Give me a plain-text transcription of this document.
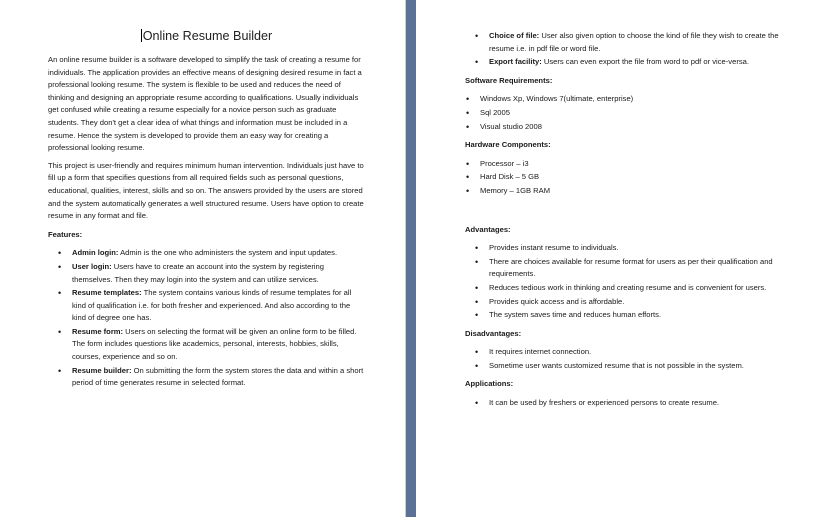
Online Resume Builder

An online resume builder is a software developed to simplify the task of creating a resume for individuals. The application provides an effective means of designing desired resume in fact a professional looking resume. The system is flexible to be used and reduces the need of thinking and designing an appropriate resume according to qualifications. Usually individuals get confused while creating a resume especially for a novice person such as graduate students. They don't get a clear idea of what things and information must be included in a resume. Hence the system is developed to provide them an easy way for creating a professional looking resume.

This project is user-friendly and requires minimum human intervention. Individuals just have to fill up a form that specifies questions from all required fields such as personal questions, educational, qualities, interest, skills and so on. The answers provided by the users are stored and the system automatically generates a well structured resume. Users have option to create resume in any format and file.

Features:
• Admin login: Admin is the one who administers the system and input updates.
• User login: Users have to create an account into the system by registering themselves. Then they may login into the system and can utilize services.
• Resume templates: The system contains various kinds of resume templates for all kind of qualification i.e. for both fresher and experienced. And also according to the kind of degree one has.
• Resume form: Users on selecting the format will be given an online form to be filled. The form includes questions like academics, personal, interests, hobbies, skills, courses, experience and so on.
• Resume builder: On submitting the form the system stores the data and within a short period of time generates resume in selected format.
• Choice of file: User also given option to choose the kind of file they wish to create the resume i.e. in pdf file or word file.
• Export facility: Users can even export the file from word to pdf or vice-versa.
Software Requirements:
• Windows Xp, Windows 7(ultimate, enterprise)
• Sql 2005
• Visual studio 2008
Hardware Components:
• Processor – i3
• Hard Disk – 5 GB
• Memory – 1GB RAM
Advantages:
• Provides instant resume to individuals.
• There are choices available for resume format for users as per their qualification and requirements.
• Reduces tedious work in thinking and creating resume and is convenient for users.
• Provides quick access and is affordable.
• The system saves time and reduces human efforts.
Disadvantages:
• It requires internet connection.
• Sometime user wants customized resume that is not possible in the system.
Applications:
• It can be used by freshers or experienced persons to create resume.
